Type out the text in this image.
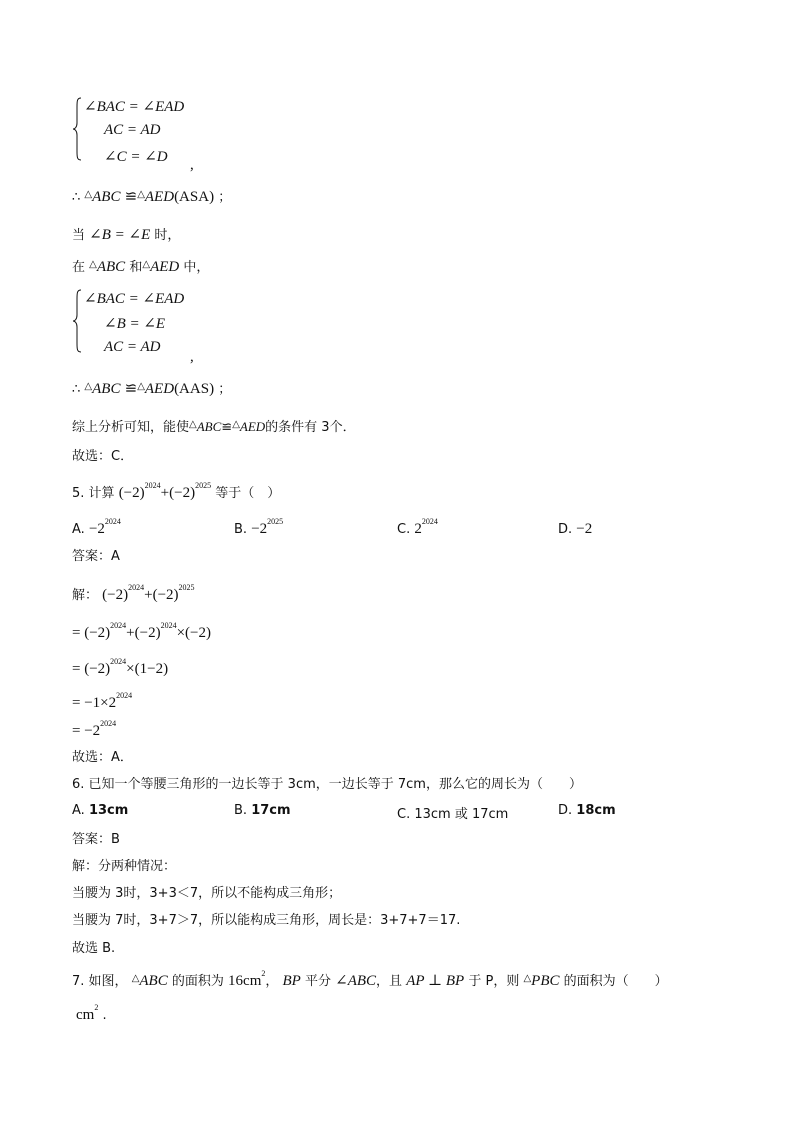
∠BAC = ∠EAD
AC = AD
∠C = ∠D ,
∴ △ABC ≌△AED(ASA) ；
当 ∠B = ∠E 时，
在 △ABC 和△AED 中，
∠BAC = ∠EAD
∠B = ∠E
AC = AD
,
∴ △ABC ≌△AED(AAS) ；
综上分析可知，能使△ABC≌△AED的条件有 3个．
故选：C．
5. 计算 $(-2)^{2024}+(-2)^{2025}$ 等于（　）
A. $-2^{2024}$
B. $-2^{2025}$
C. $2^{2024}$
D. −2
答案：A
解： $(-2)^{2024}+(-2)^{2025}$
= $(-2)^{2024}+(-2)^{2024}\times(-2)$
= $(-2)^{2024}\times(1-2)$
= $-1\times 2^{2024}$
= $-2^{2024}$
故选：A．
6. 已知一个等腰三角形的一边长等于 3cm，一边长等于 7cm，那么它的周长为（　　）
A. 13cm	B. 17cm	C. 13cm 或 17cm	D. 18cm
答案：B
解：分两种情况：
当腰为 3时，3+3＜7，所以不能构成三角形；
当腰为 7时，3+7＞7，所以能构成三角形，周长是：3+7+7＝17.
故选 B.
7. 如图， △ABC 的面积为 $16cm^2$， BP 平分 ∠ABC，且 AP ⊥ BP 于 P，则 △PBC 的面积为（　　）
$cm^2$ .
